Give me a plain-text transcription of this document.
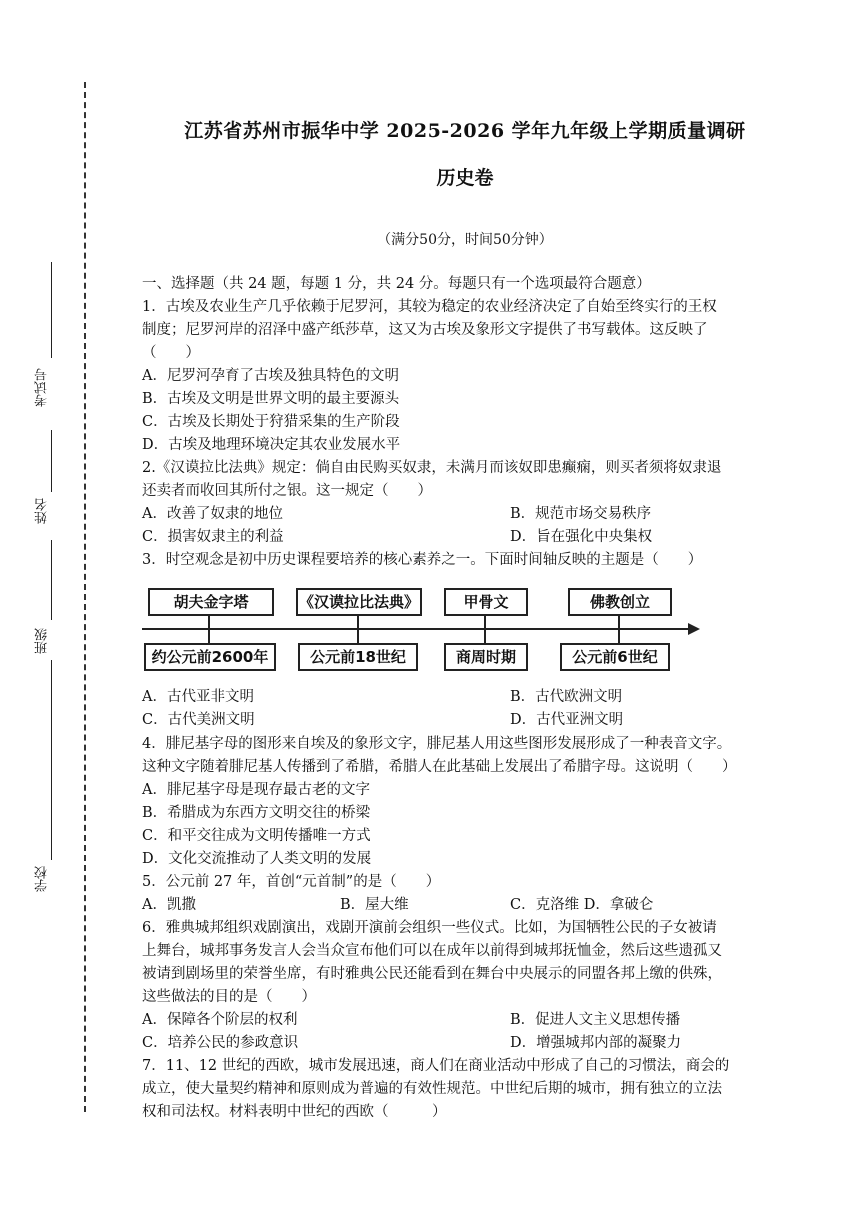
考试号
姓名
班级
学校
江苏省苏州市振华中学 2025-2026 学年九年级上学期质量调研
历史卷
（满分50分，时间50分钟）
一、选择题（共 24 题，每题 1 分，共 24 分。每题只有一个选项最符合题意）
1．古埃及农业生产几乎依赖于尼罗河，其较为稳定的农业经济决定了自始至终实行的王权
制度；尼罗河岸的沼泽中盛产纸莎草，这又为古埃及象形文字提供了书写载体。这反映了
（　　）
A．尼罗河孕育了古埃及独具特色的文明
B．古埃及文明是世界文明的最主要源头
C．古埃及长期处于狩猎采集的生产阶段
D．古埃及地理环境决定其农业发展水平
2.《汉谟拉比法典》规定：倘自由民购买奴隶，未满月而该奴即患癫痫，则买者须将奴隶退
还卖者而收回其所付之银。这一规定（　　）
A．改善了奴隶的地位	B．规范市场交易秩序
C．损害奴隶主的利益	D．旨在强化中央集权
3．时空观念是初中历史课程要培养的核心素养之一。下面时间轴反映的主题是（　　）
胡夫金字塔	《汉谟拉比法典》	甲骨文	佛教创立
约公元前2600年	公元前18世纪	商周时期	公元前6世纪
A．古代亚非文明	B．古代欧洲文明
C．古代美洲文明	D．古代亚洲文明
4．腓尼基字母的图形来自埃及的象形文字，腓尼基人用这些图形发展形成了一种表音文字。
这种文字随着腓尼基人传播到了希腊，希腊人在此基础上发展出了希腊字母。这说明（　　）
A．腓尼基字母是现存最古老的文字
B．希腊成为东西方文明交往的桥梁
C．和平交往成为文明传播唯一方式
D．文化交流推动了人类文明的发展
5．公元前 27 年，首创“元首制”的是（　　）
A．凯撒	B．屋大维	C．克洛维 D．拿破仑
6．雅典城邦组织戏剧演出，戏剧开演前会组织一些仪式。比如，为国牺牲公民的子女被请
上舞台，城邦事务发言人会当众宣布他们可以在成年以前得到城邦抚恤金，然后这些遗孤又
被请到剧场里的荣誉坐席，有时雅典公民还能看到在舞台中央展示的同盟各邦上缴的供殊，
这些做法的目的是（　　）
A．保障各个阶层的权利	B．促进人文主义思想传播
C．培养公民的参政意识	D．增强城邦内部的凝聚力
7．11、12 世纪的西欧，城市发展迅速，商人们在商业活动中形成了自己的习惯法，商会的
成立，使大量契约精神和原则成为普遍的有效性规范。中世纪后期的城市，拥有独立的立法
权和司法权。材料表明中世纪的西欧（　　　）
